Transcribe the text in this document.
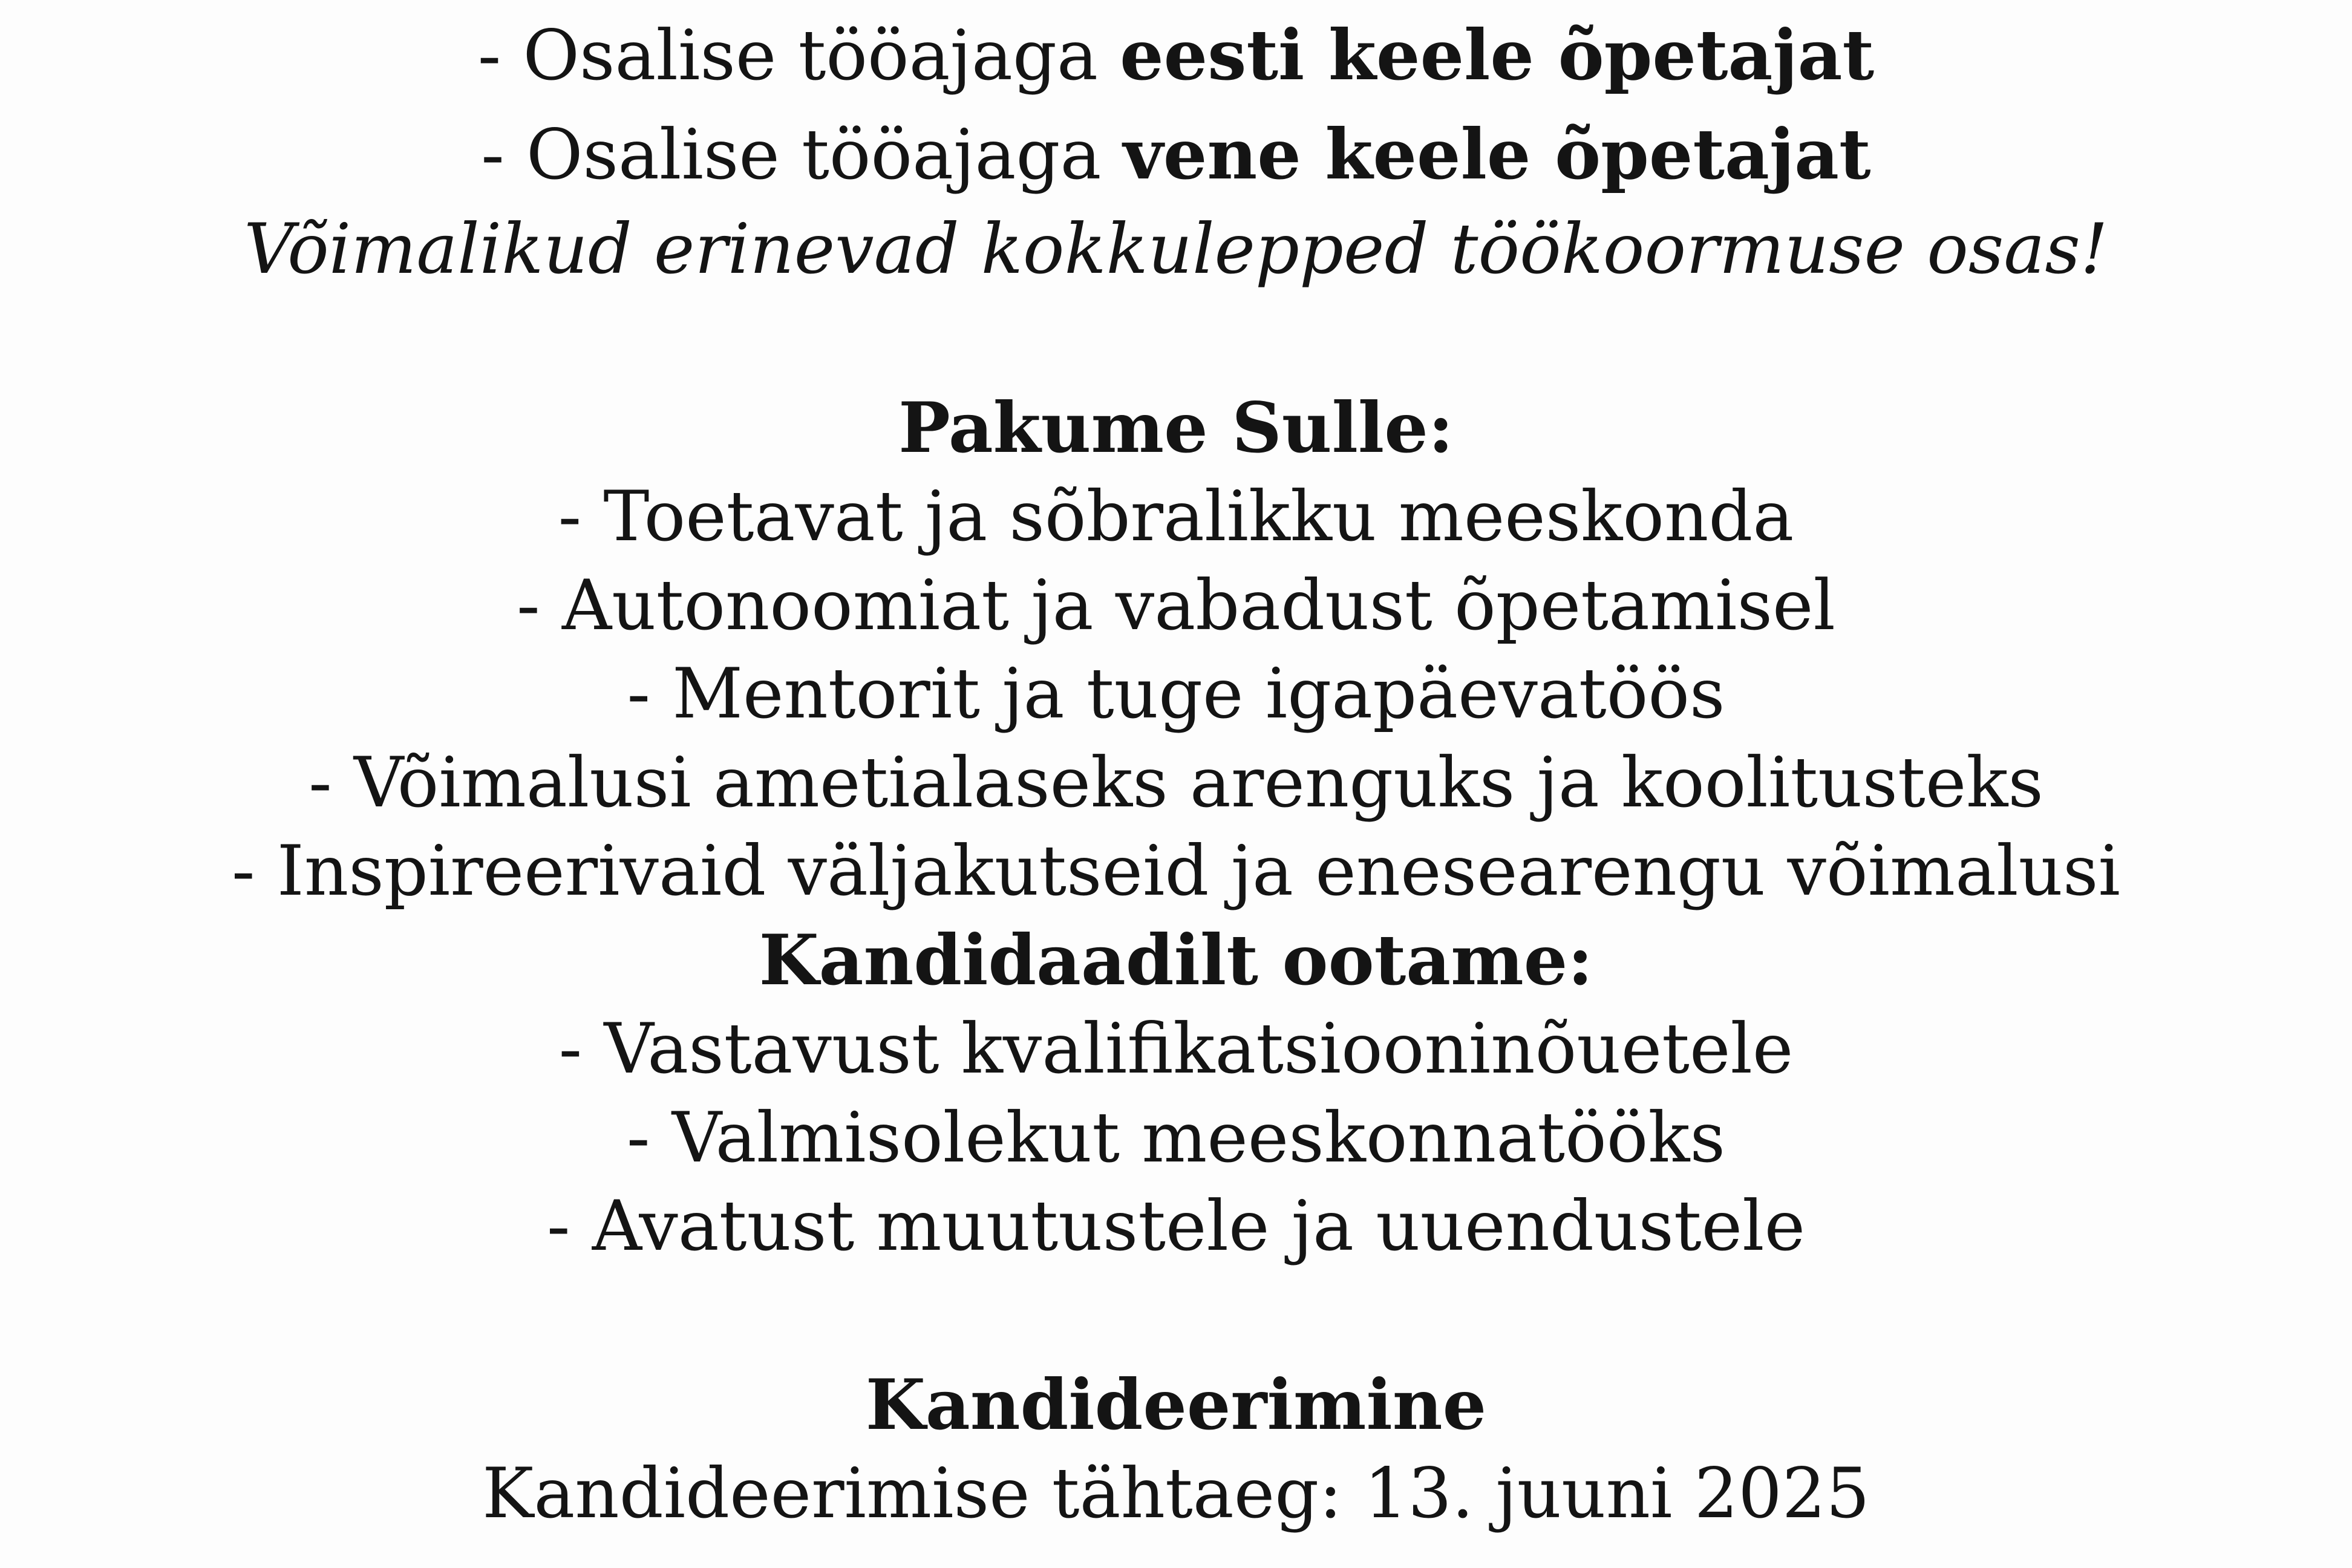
- Osalise tööajaga eesti keele õpetajat
- Osalise tööajaga vene keele õpetajat
Võimalikud erinevad kokkulepped töökoormuse osas!
Pakume Sulle:
- Toetavat ja sõbralikku meeskonda
- Autonoomiat ja vabadust õpetamisel
- Mentorit ja tuge igapäevatöös
- Võimalusi ametialaseks arenguks ja koolitusteks
- Inspireerivaid väljakutseid ja enesearengu võimalusi
Kandidaadilt ootame:
- Vastavust kvalifikatsiooninõuetele
- Valmisolekut meeskonnatööks
- Avatust muutustele ja uuendustele
Kandideerimine
Kandideerimise tähtaeg: 13. juuni 2025
